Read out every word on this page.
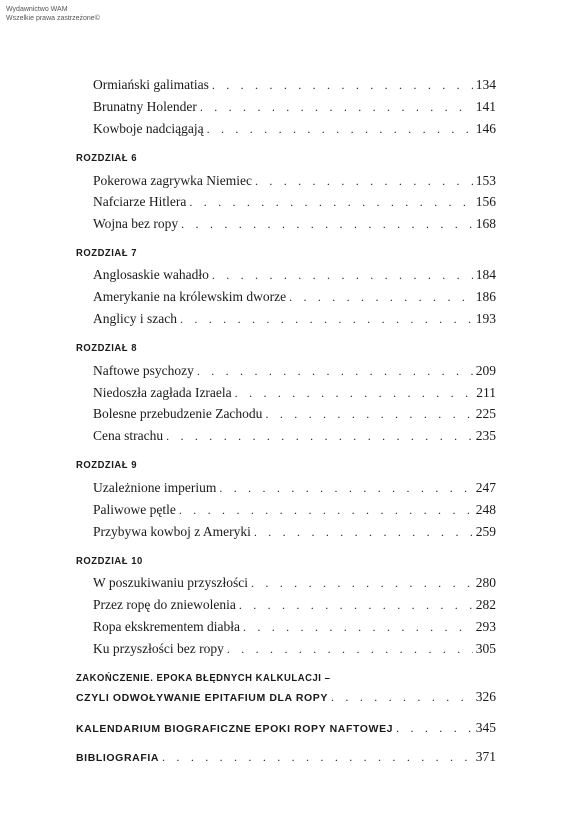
Wydawnictwo WAM
Wszelkie prawa zastrzeżone©
Ormiański galimatias . . .	134
Brunatny Holender . . .	141
Kowboje nadciągają . . .	146
ROZDZIAŁ 6
Pokerowa zagrywka Niemiec . . .	153
Nafciarze Hitlera . . .	156
Wojna bez ropy . . .	168
ROZDZIAŁ 7
Anglosaskie wahadło . . .	184
Amerykanie na królewskim dworze . . .	186
Anglicy i szach . . .	193
ROZDZIAŁ 8
Naftowe psychozy . . .	209
Niedoszła zagłada Izraela . . .	211
Bolesne przebudzenie Zachodu . . .	225
Cena strachu . . .	235
ROZDZIAŁ 9
Uzależnione imperium . . .	247
Paliwowe pętle . . .	248
Przybywa kowboj z Ameryki . . .	259
ROZDZIAŁ 10
W poszukiwaniu przyszłości . . .	280
Przez ropę do zniewolenia . . .	282
Ropa ekskrementem diabła . . .	293
Ku przyszłości bez ropy . . .	305
ZAKOŃCZENIE. EPOKA BŁĘDNYCH KALKULACJI –
CZYLI ODWOŁYWANIE EPITAFIUM DLA ROPY . . .	326
KALENDARIUM BIOGRAFICZNE EPOKI ROPY NAFTOWEJ . . .	345
BIBLIOGRAFIA . . .	371
